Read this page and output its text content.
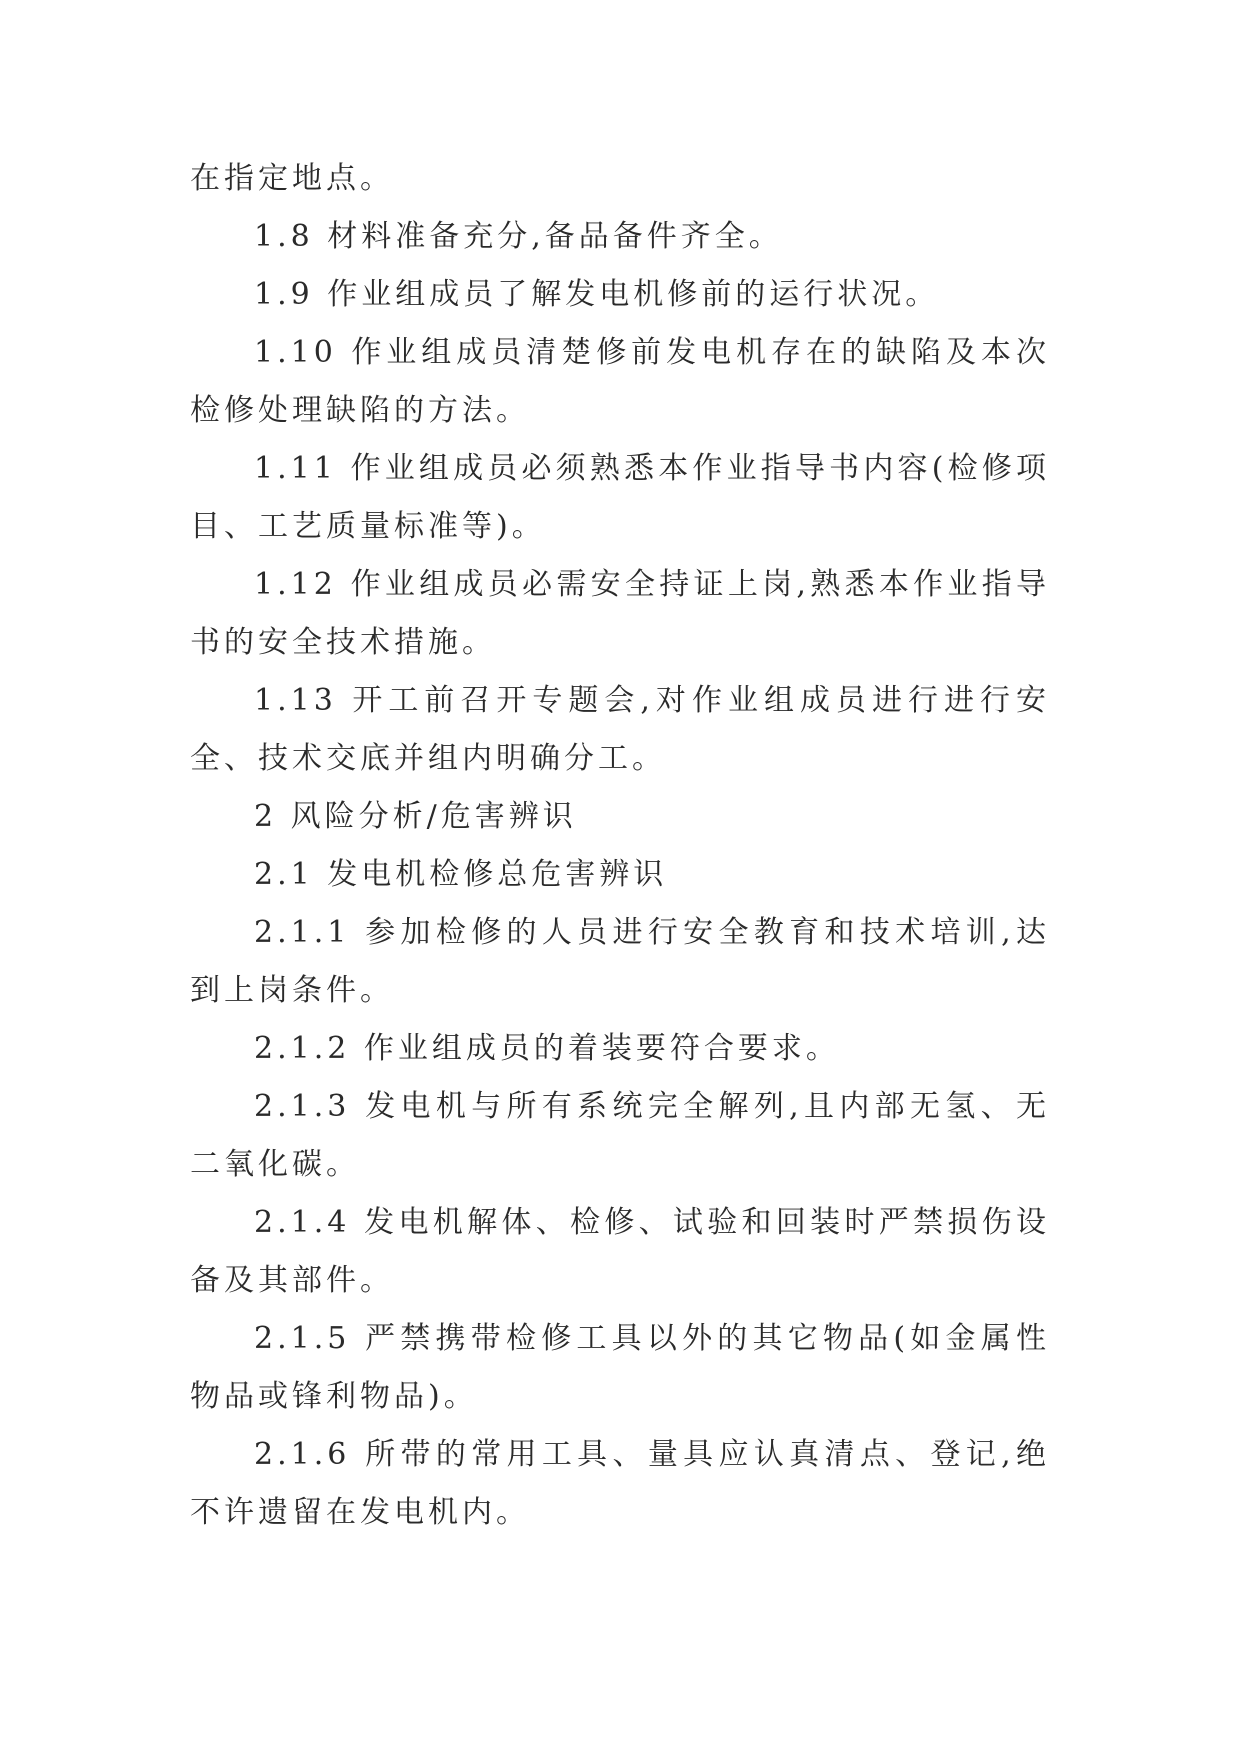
在指定地点。

1.8 材料准备充分,备品备件齐全。

1.9 作业组成员了解发电机修前的运行状况。

1.10 作业组成员清楚修前发电机存在的缺陷及本次检修处理缺陷的方法。

1.11 作业组成员必须熟悉本作业指导书内容(检修项目、工艺质量标准等)。

1.12 作业组成员必需安全持证上岗,熟悉本作业指导书的安全技术措施。

1.13 开工前召开专题会,对作业组成员进行进行安全、技术交底并组内明确分工。

2 风险分析/危害辨识

2.1 发电机检修总危害辨识

2.1.1 参加检修的人员进行安全教育和技术培训,达到上岗条件。

2.1.2 作业组成员的着装要符合要求。

2.1.3 发电机与所有系统完全解列,且内部无氢、无二氧化碳。

2.1.4 发电机解体、检修、试验和回装时严禁损伤设备及其部件。

2.1.5 严禁携带检修工具以外的其它物品(如金属性物品或锋利物品)。

2.1.6 所带的常用工具、量具应认真清点、登记,绝不许遗留在发电机内。
